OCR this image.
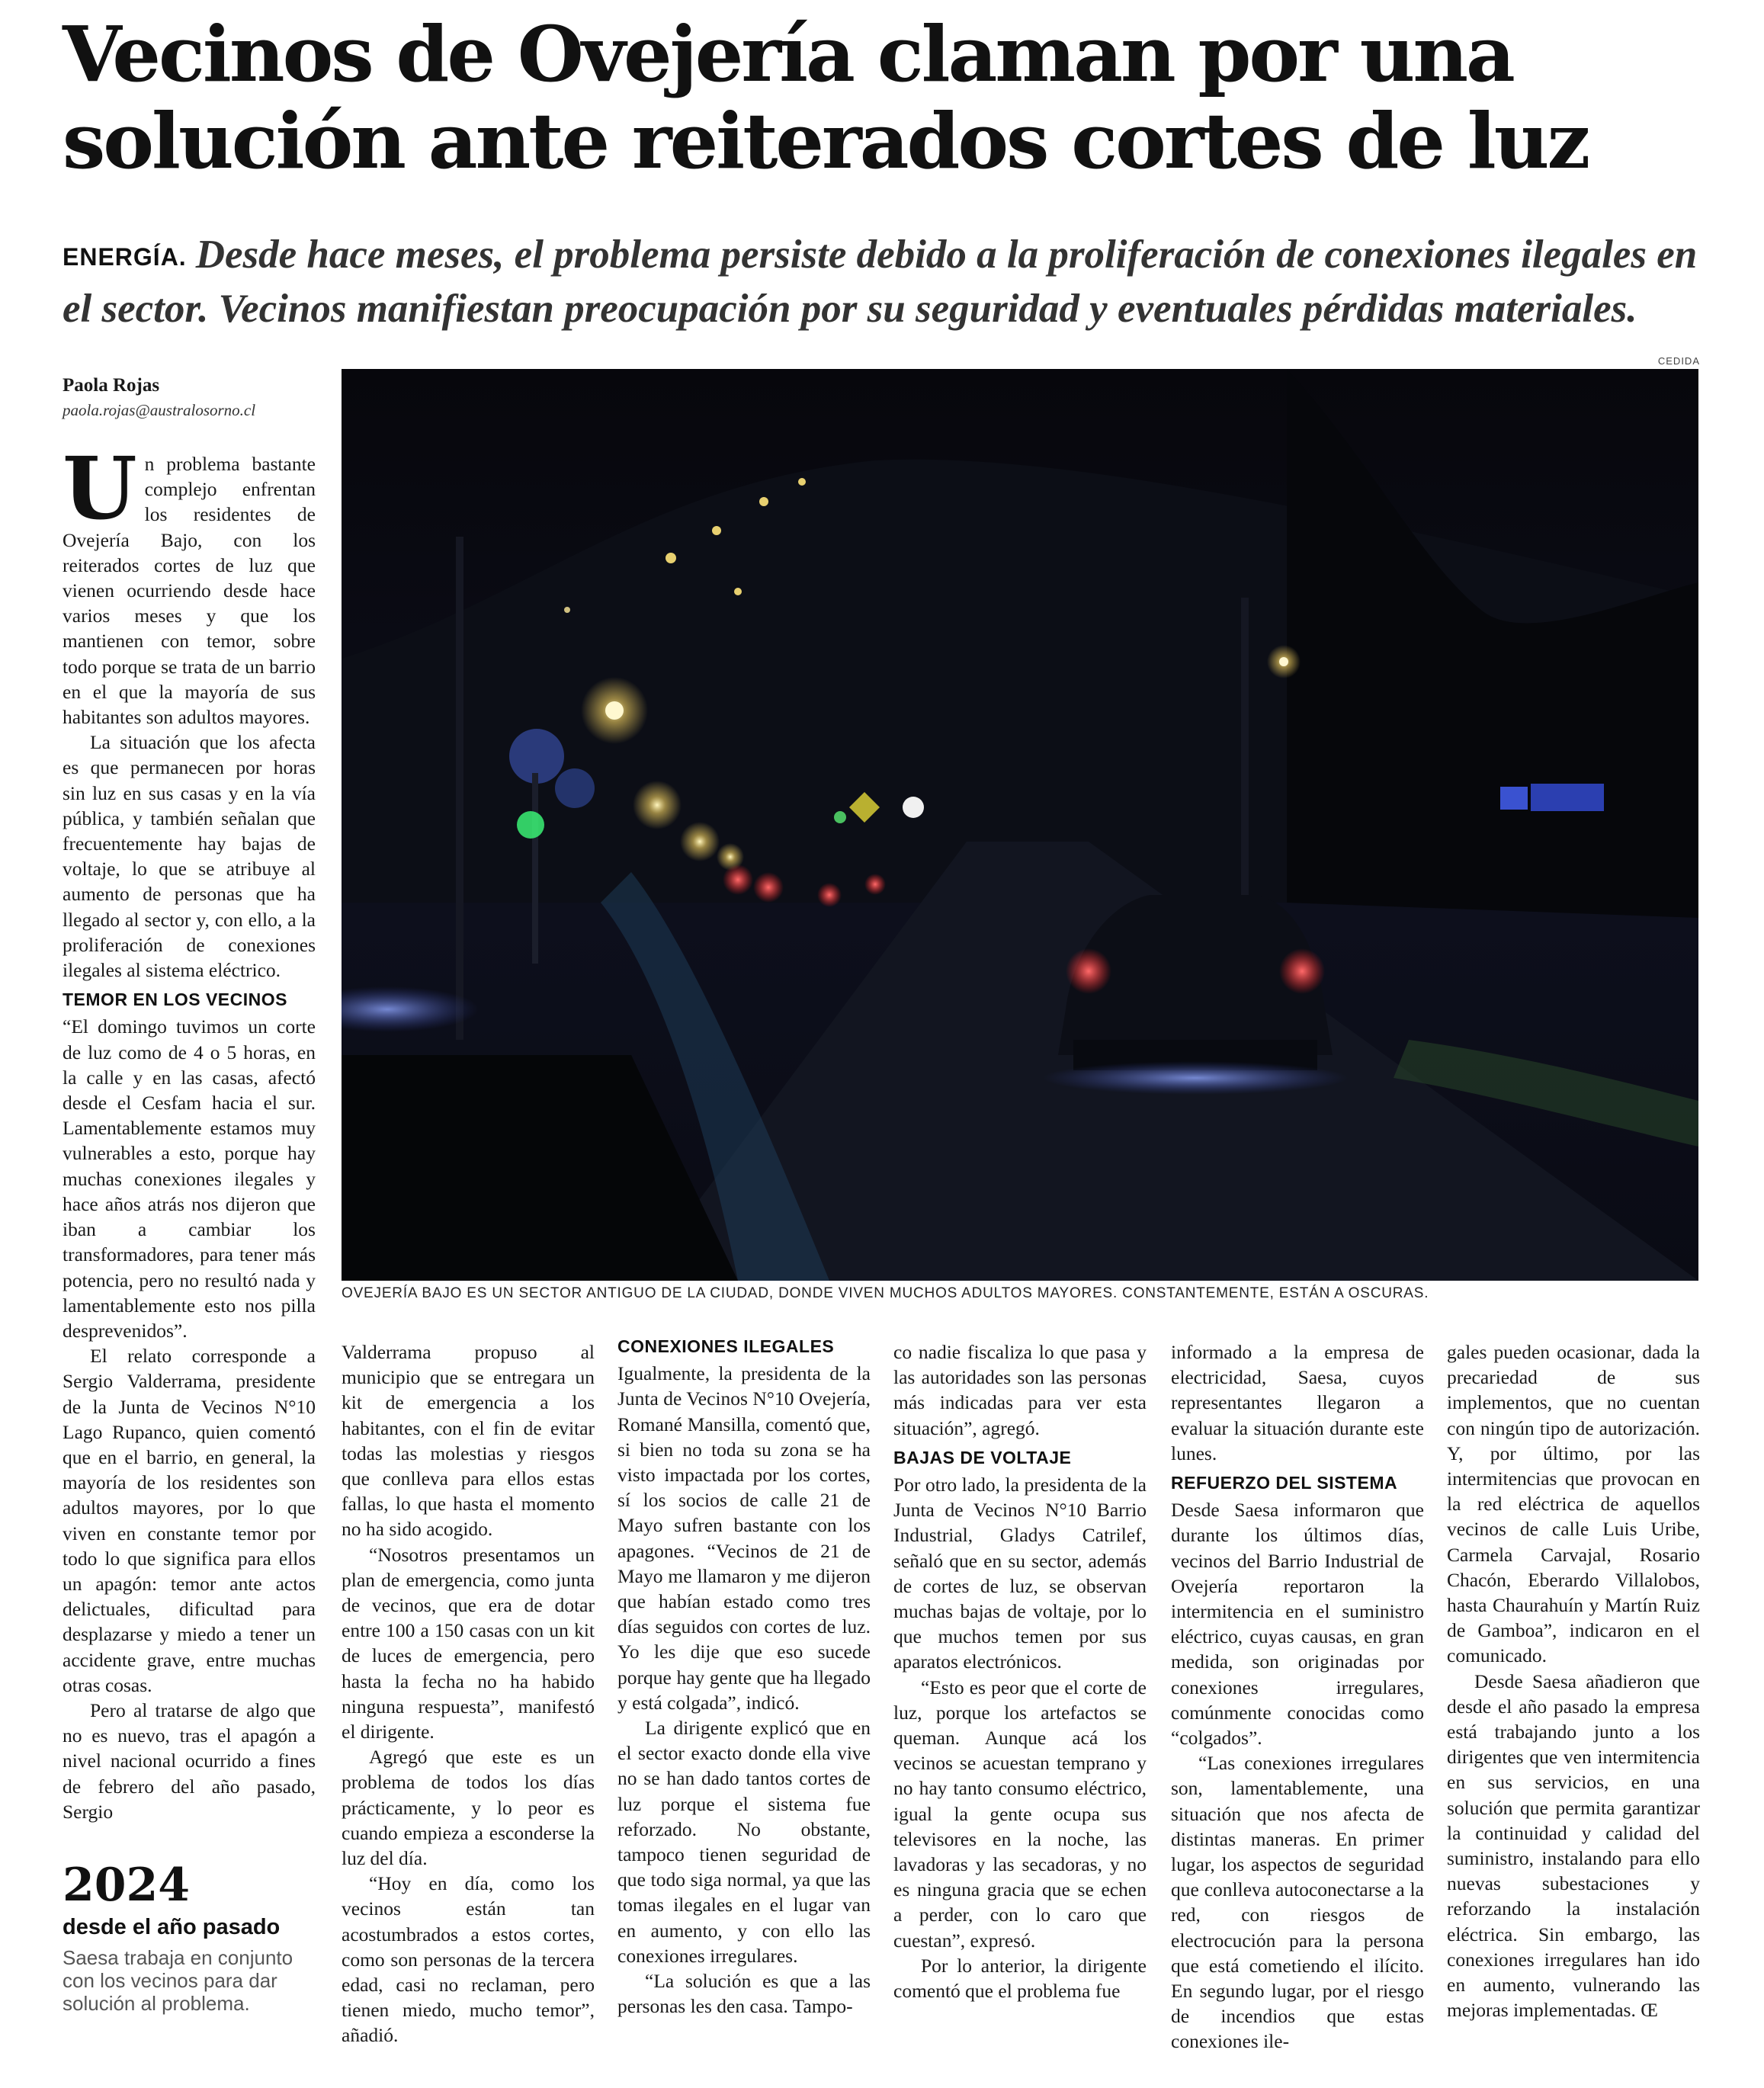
Vecinos de Ovejería claman por una solución ante reiterados cortes de luz
ENERGÍA. Desde hace meses, el problema persiste debido a la proliferación de conexiones ilegales en el sector. Vecinos manifiestan preocupación por su seguridad y eventuales pérdidas materiales.

Paola Rojas

paola.rojas@australosorno.cl

CEDIDA
OVEJERÍA BAJO ES UN SECTOR ANTIGUO DE LA CIUDAD, DONDE VIVEN MUCHOS ADULTOS MAYORES. CONSTANTEMENTE, ESTÁN A OSCURAS.

Un problema bastante complejo enfrentan los residentes de Ovejería Bajo, con los reiterados cortes de luz que vienen ocurriendo desde hace varios meses y que los mantienen con temor, sobre todo porque se trata de un barrio en el que la mayoría de sus habitantes son adultos mayores.

La situación que los afecta es que permanecen por horas sin luz en sus casas y en la vía pública, y también señalan que frecuentemente hay bajas de voltaje, lo que se atribuye al aumento de personas que ha llegado al sector y, con ello, a la proliferación de conexiones ilegales al sistema eléctrico.

TEMOR EN LOS VECINOS

“El domingo tuvimos un corte de luz como de 4 o 5 horas, en la calle y en las casas, afectó desde el Cesfam hacia el sur. Lamentablemente estamos muy vulnerables a esto, porque hay muchas conexiones ilegales y hace años atrás nos dijeron que iban a cambiar los transformadores, para tener más potencia, pero no resultó nada y lamentablemente esto nos pilla desprevenidos”.

El relato corresponde a Sergio Valderrama, presidente de la Junta de Vecinos N°10 Lago Rupanco, quien comentó que en el barrio, en general, la mayoría de los residentes son adultos mayores, por lo que viven en constante temor por todo lo que significa para ellos un apagón: temor ante actos delictuales, dificultad para desplazarse y miedo a tener un accidente grave, entre muchas otras cosas.

Pero al tratarse de algo que no es nuevo, tras el apagón a nivel nacional ocurrido a fines de febrero del año pasado, Sergio

2024

desde el año pasado

Saesa trabaja en conjunto con los vecinos para dar solución al problema.

Valderrama propuso al municipio que se entregara un kit de emergencia a los habitantes, con el fin de evitar todas las molestias y riesgos que conlleva para ellos estas fallas, lo que hasta el momento no ha sido acogido.

“Nosotros presentamos un plan de emergencia, como junta de vecinos, que era de dotar entre 100 a 150 casas con un kit de luces de emergencia, pero hasta la fecha no ha habido ninguna respuesta”, manifestó el dirigente.

Agregó que este es un problema de todos los días prácticamente, y lo peor es cuando empieza a esconderse la luz del día.

“Hoy en día, como los vecinos están tan acostumbrados a estos cortes, como son personas de la tercera edad, casi no reclaman, pero tienen miedo, mucho temor”, añadió.

CONEXIONES ILEGALES

Igualmente, la presidenta de la Junta de Vecinos N°10 Ovejería, Romané Mansilla, comentó que, si bien no toda su zona se ha visto impactada por los cortes, sí los socios de calle 21 de Mayo sufren bastante con los apagones. “Vecinos de 21 de Mayo me llamaron y me dijeron que habían estado como tres días seguidos con cortes de luz. Yo les dije que eso sucede porque hay gente que ha llegado y está colgada”, indicó.

La dirigente explicó que en el sector exacto donde ella vive no se han dado tantos cortes de luz porque el sistema fue reforzado. No obstante, tampoco tienen seguridad de que todo siga normal, ya que las tomas ilegales en el lugar van en aumento, y con ello las conexiones irregulares.

“La solución es que a las personas les den casa. Tampo-

co nadie fiscaliza lo que pasa y las autoridades son las personas más indicadas para ver esta situación”, agregó.

BAJAS DE VOLTAJE

Por otro lado, la presidenta de la Junta de Vecinos N°10 Barrio Industrial, Gladys Catrilef, señaló que en su sector, además de cortes de luz, se observan muchas bajas de voltaje, por lo que muchos temen por sus aparatos electrónicos.

“Esto es peor que el corte de luz, porque los artefactos se queman. Aunque acá los vecinos se acuestan temprano y no hay tanto consumo eléctrico, igual la gente ocupa sus televisores en la noche, las lavadoras y las secadoras, y no es ninguna gracia que se echen a perder, con lo caro que cuestan”, expresó.

Por lo anterior, la dirigente comentó que el problema fue

informado a la empresa de electricidad, Saesa, cuyos representantes llegaron a evaluar la situación durante este lunes.

REFUERZO DEL SISTEMA

Desde Saesa informaron que durante los últimos días, vecinos del Barrio Industrial de Ovejería reportaron la intermitencia en el suministro eléctrico, cuyas causas, en gran medida, son originadas por conexiones irregulares, comúnmente conocidas como “colgados”.

“Las conexiones irregulares son, lamentablemente, una situación que nos afecta de distintas maneras. En primer lugar, los aspectos de seguridad que conlleva autoconectarse a la red, con riesgos de electrocución para la persona que está cometiendo el ilícito. En segundo lugar, por el riesgo de incendios que estas conexiones ile-

gales pueden ocasionar, dada la precariedad de sus implementos, que no cuentan con ningún tipo de autorización. Y, por último, por las intermitencias que provocan en la red eléctrica de aquellos vecinos de calle Luis Uribe, Carmela Carvajal, Rosario Chacón, Eberardo Villalobos, hasta Chaurahuín y Martín Ruiz de Gamboa”, indicaron en el comunicado.

Desde Saesa añadieron que desde el año pasado la empresa está trabajando junto a los dirigentes que ven intermitencia en sus servicios, en una solución que permita garantizar la continuidad y calidad del suministro, instalando para ello nuevas subestaciones y reforzando la instalación eléctrica. Sin embargo, las conexiones irregulares han ido en aumento, vulnerando las mejoras implementadas. Œ
